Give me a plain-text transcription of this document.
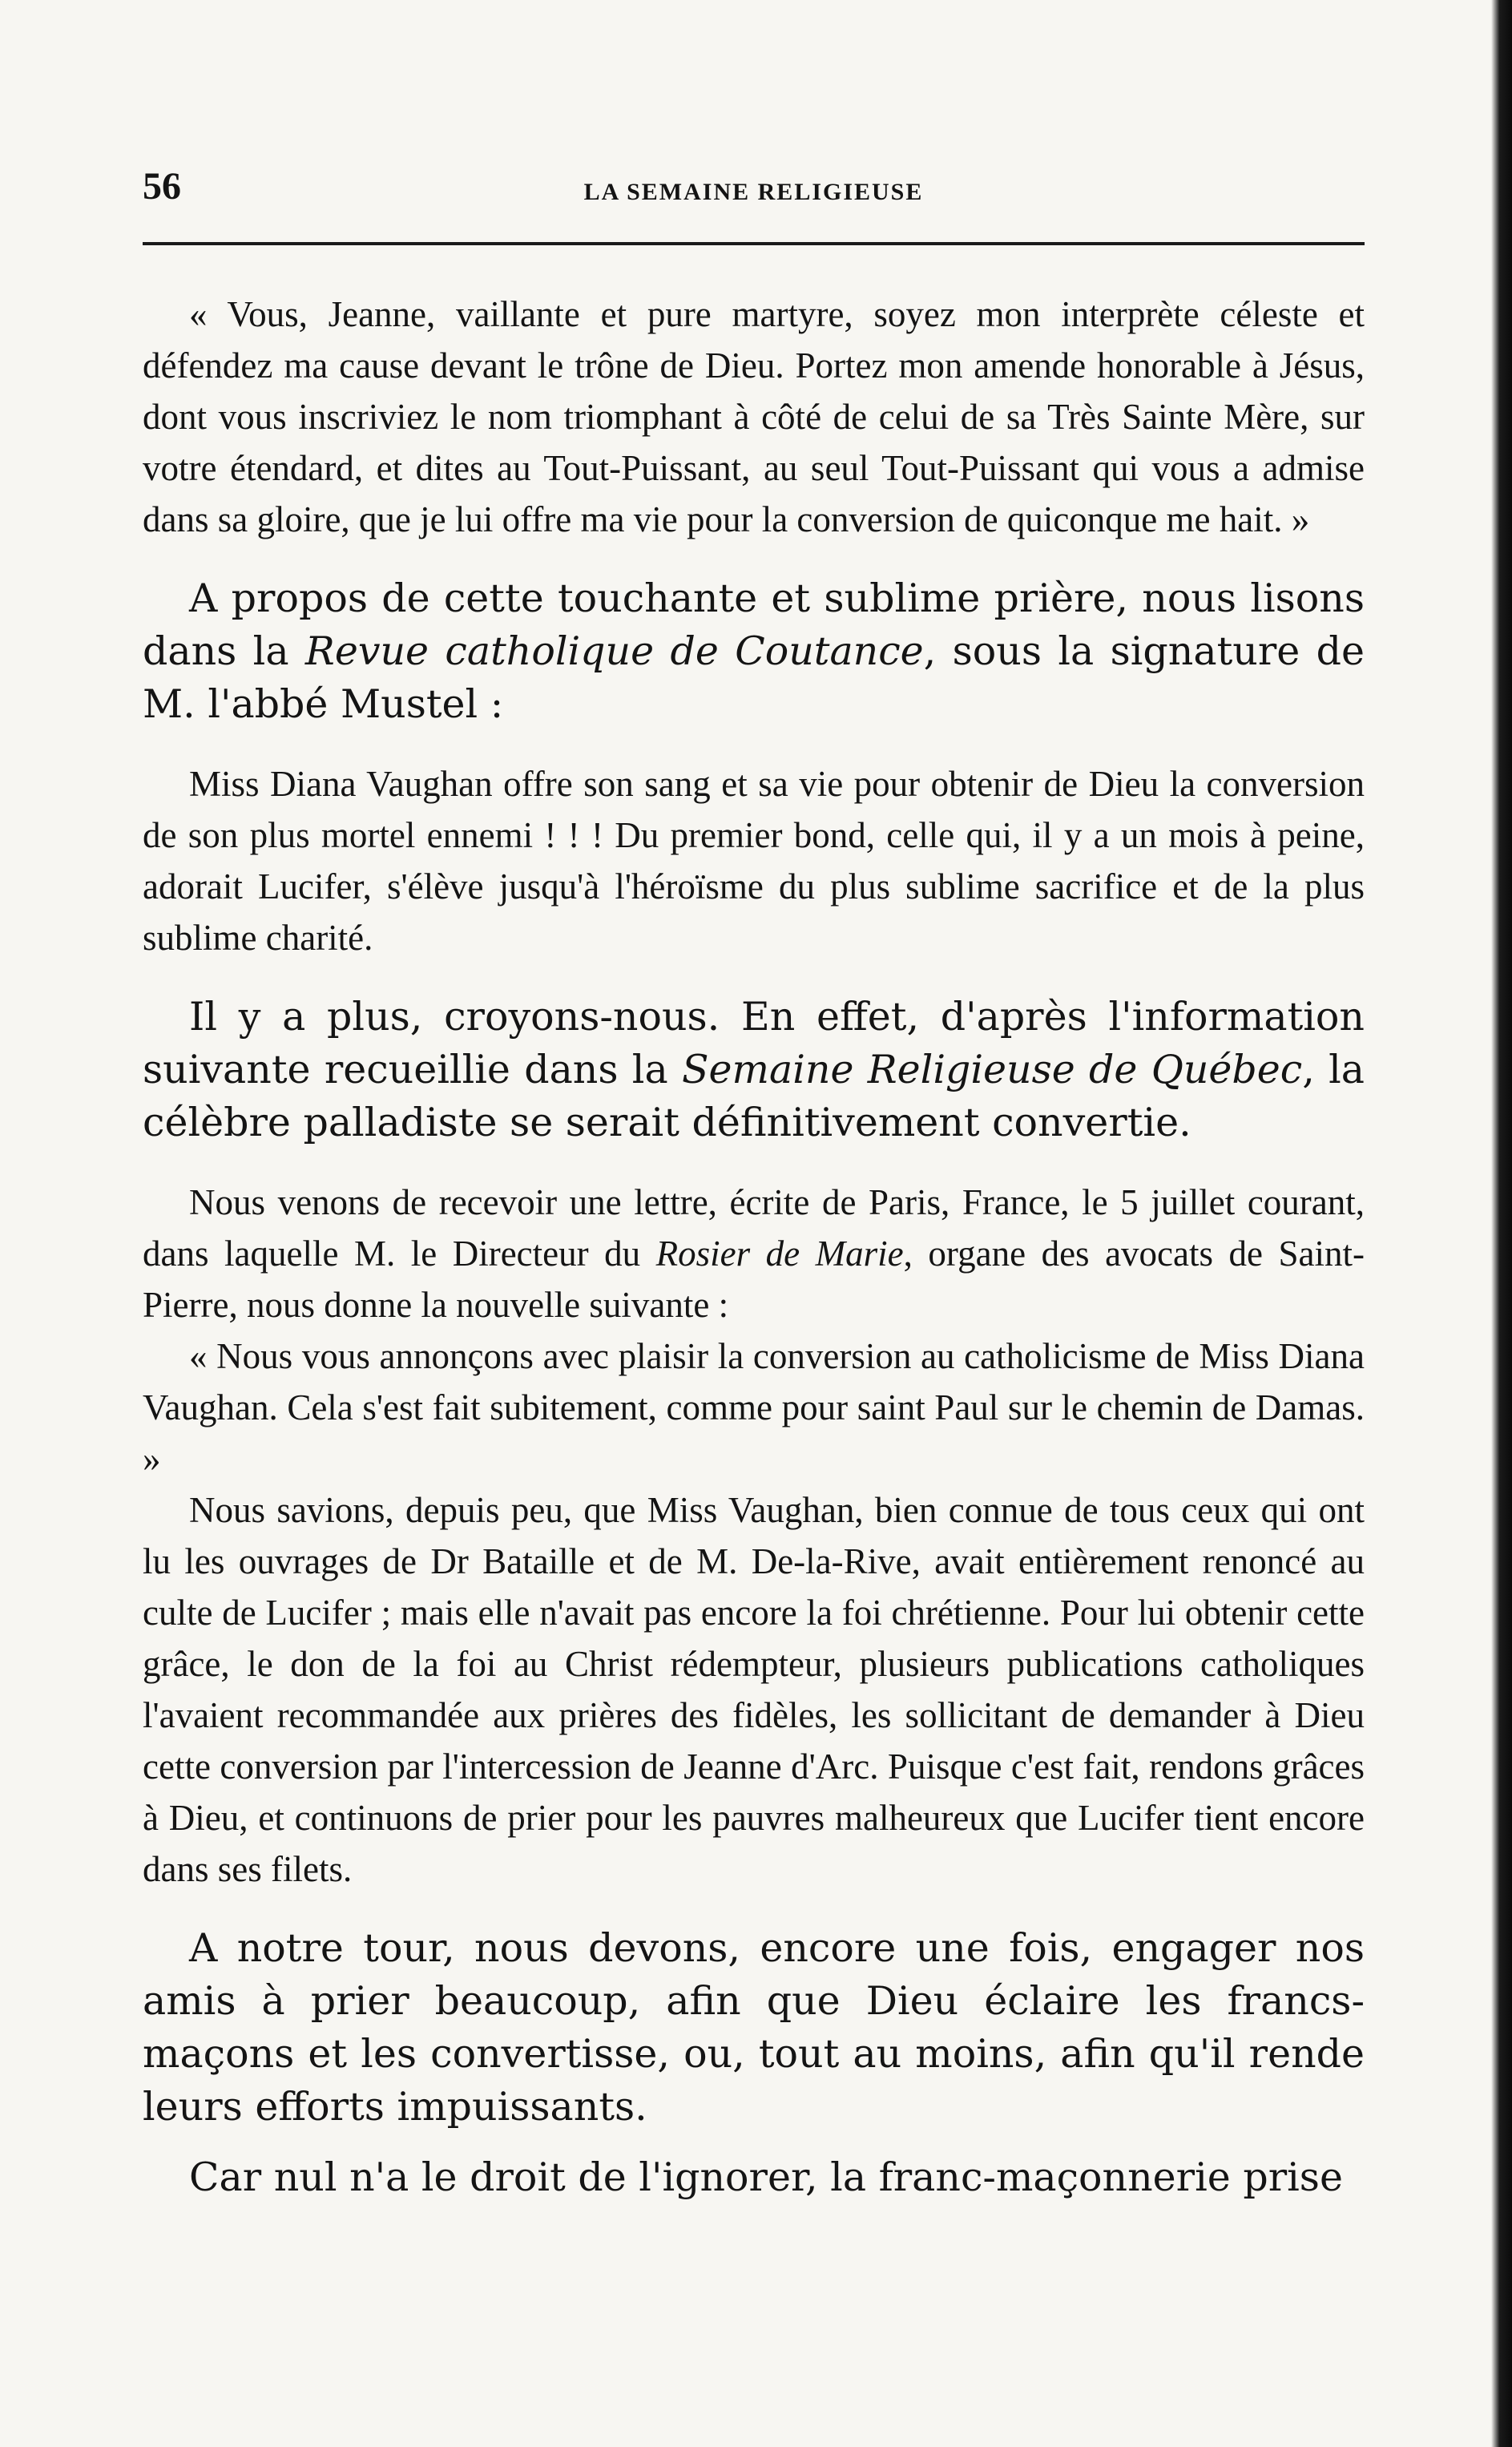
56	LA SEMAINE RELIGIEUSE

« Vous, Jeanne, vaillante et pure martyre, soyez mon interprète céleste et défendez ma cause devant le trône de Dieu. Portez mon amende honorable à Jésus, dont vous inscriviez le nom triomphant à côté de celui de sa Très Sainte Mère, sur votre étendard, et dites au Tout-Puissant, au seul Tout-Puissant qui vous a admise dans sa gloire, que je lui offre ma vie pour la conversion de quiconque me hait. »

A propos de cette touchante et sublime prière, nous lisons dans la Revue catholique de Coutance, sous la signature de M. l'abbé Mustel :

Miss Diana Vaughan offre son sang et sa vie pour obtenir de Dieu la conversion de son plus mortel ennemi ! ! ! Du premier bond, celle qui, il y a un mois à peine, adorait Lucifer, s'élève jusqu'à l'héroïsme du plus sublime sacrifice et de la plus sublime charité.

Il y a plus, croyons-nous. En effet, d'après l'information suivante recueillie dans la Semaine Religieuse de Québec, la célèbre palladiste se serait définitivement convertie.

Nous venons de recevoir une lettre, écrite de Paris, France, le 5 juillet courant, dans laquelle M. le Directeur du Rosier de Marie, organe des avocats de Saint-Pierre, nous donne la nouvelle suivante :

« Nous vous annonçons avec plaisir la conversion au catholicisme de Miss Diana Vaughan. Cela s'est fait subitement, comme pour saint Paul sur le chemin de Damas. »

Nous savions, depuis peu, que Miss Vaughan, bien connue de tous ceux qui ont lu les ouvrages de Dr Bataille et de M. De-la-Rive, avait entièrement renoncé au culte de Lucifer ; mais elle n'avait pas encore la foi chrétienne. Pour lui obtenir cette grâce, le don de la foi au Christ rédempteur, plusieurs publications catholiques l'avaient recommandée aux prières des fidèles, les sollicitant de demander à Dieu cette conversion par l'intercession de Jeanne d'Arc. Puisque c'est fait, rendons grâces à Dieu, et continuons de prier pour les pauvres malheureux que Lucifer tient encore dans ses filets.

A notre tour, nous devons, encore une fois, engager nos amis à prier beaucoup, afin que Dieu éclaire les francs-maçons et les convertisse, ou, tout au moins, afin qu'il rende leurs efforts impuissants.

Car nul n'a le droit de l'ignorer, la franc-maçonnerie prise
